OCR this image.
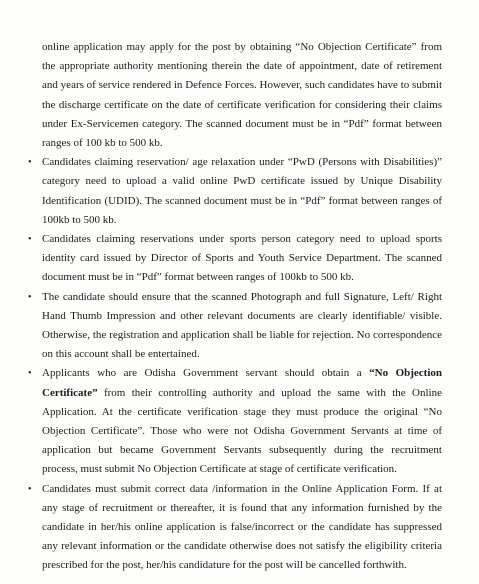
online application may apply for the post by obtaining “No Objection Certificate” from the appropriate authority mentioning therein the date of appointment, date of retirement and years of service rendered in Defence Forces. However, such candidates have to submit the discharge certificate on the date of certificate verification for considering their claims under Ex-Servicemen category. The scanned document must be in “Pdf” format between ranges of 100 kb to 500 kb.

• Candidates claiming reservation/ age relaxation under “PwD (Persons with Disabilities)” category need to upload a valid online PwD certificate issued by Unique Disability Identification (UDID). The scanned document must be in “Pdf” format between ranges of 100kb to 500 kb.
• Candidates claiming reservations under sports person category need to upload sports identity card issued by Director of Sports and Youth Service Department. The scanned document must be in “Pdf” format between ranges of 100kb to 500 kb.
• The candidate should ensure that the scanned Photograph and full Signature, Left/ Right Hand Thumb Impression and other relevant documents are clearly identifiable/ visible. Otherwise, the registration and application shall be liable for rejection. No correspondence on this account shall be entertained.
• Applicants who are Odisha Government servant should obtain a “No Objection Certificate” from their controlling authority and upload the same with the Online Application. At the certificate verification stage they must produce the original “No Objection Certificate”. Those who were not Odisha Government Servants at time of application but became Government Servants subsequently during the recruitment process, must submit No Objection Certificate at stage of certificate verification.
• Candidates must submit correct data /information in the Online Application Form. If at any stage of recruitment or thereafter, it is found that any information furnished by the candidate in her/his online application is false/incorrect or the candidate has suppressed any relevant information or the candidate otherwise does not satisfy the eligibility criteria prescribed for the post, her/his candidature for the post will be cancelled forthwith.
